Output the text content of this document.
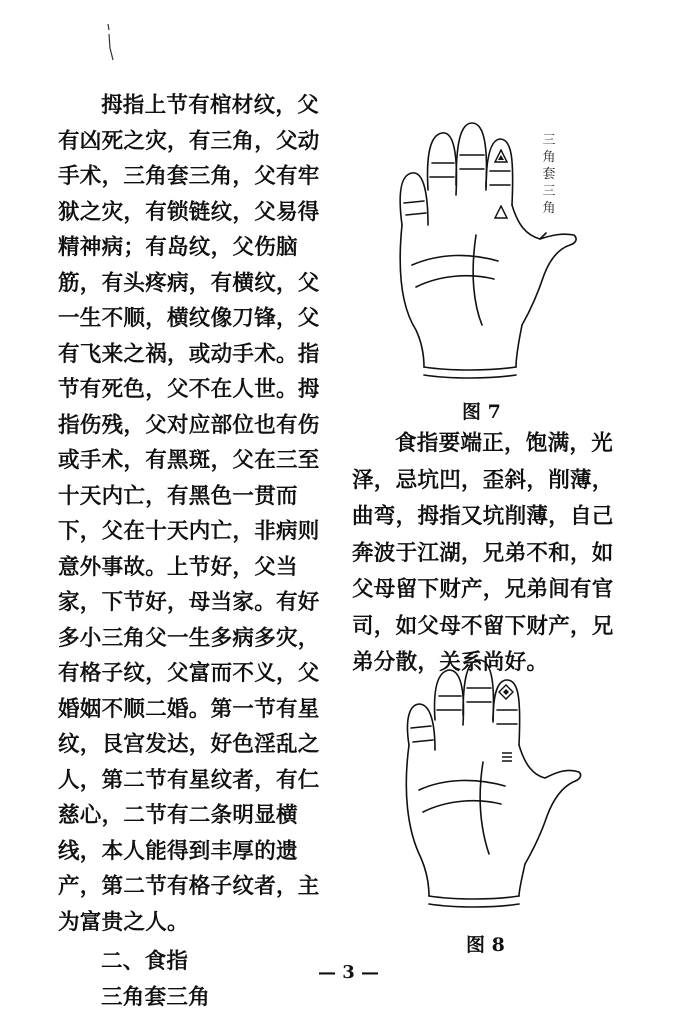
拇指上节有棺材纹，父有凶死之灾，有三角，父动手术，三角套三角，父有牢狱之灾，有锁链纹，父易得精神病；有岛纹，父伤脑筋，有头疼病，有横纹，父一生不顺，横纹像刀锋，父有飞来之祸，或动手术。指节有死色，父不在人世。拇指伤残，父对应部位也有伤或手术，有黑斑，父在三至十天内亡，有黑色一贯而下，父在十天内亡，非病则意外事故。上节好，父当家，下节好，母当家。有好多小三角父一生多病多灾，有格子纹，父富而不义，父婚姻不顺二婚。第一节有星纹，艮宫发达，好色淫乱之人，第二节有星纹者，有仁慈心，二节有二条明显横线，本人能得到丰厚的遗产，第二节有格子纹者，主为富贵之人。

二、食指

三角套三角

三角套三角
图 7

食指要端正，饱满，光泽，忌坑凹，歪斜，削薄，曲弯，拇指又坑削薄，自己奔波于江湖，兄弟不和，如父母留下财产，兄弟间有官司，如父母不留下财产，兄弟分散，关系尚好。

图 8
— 3 —
